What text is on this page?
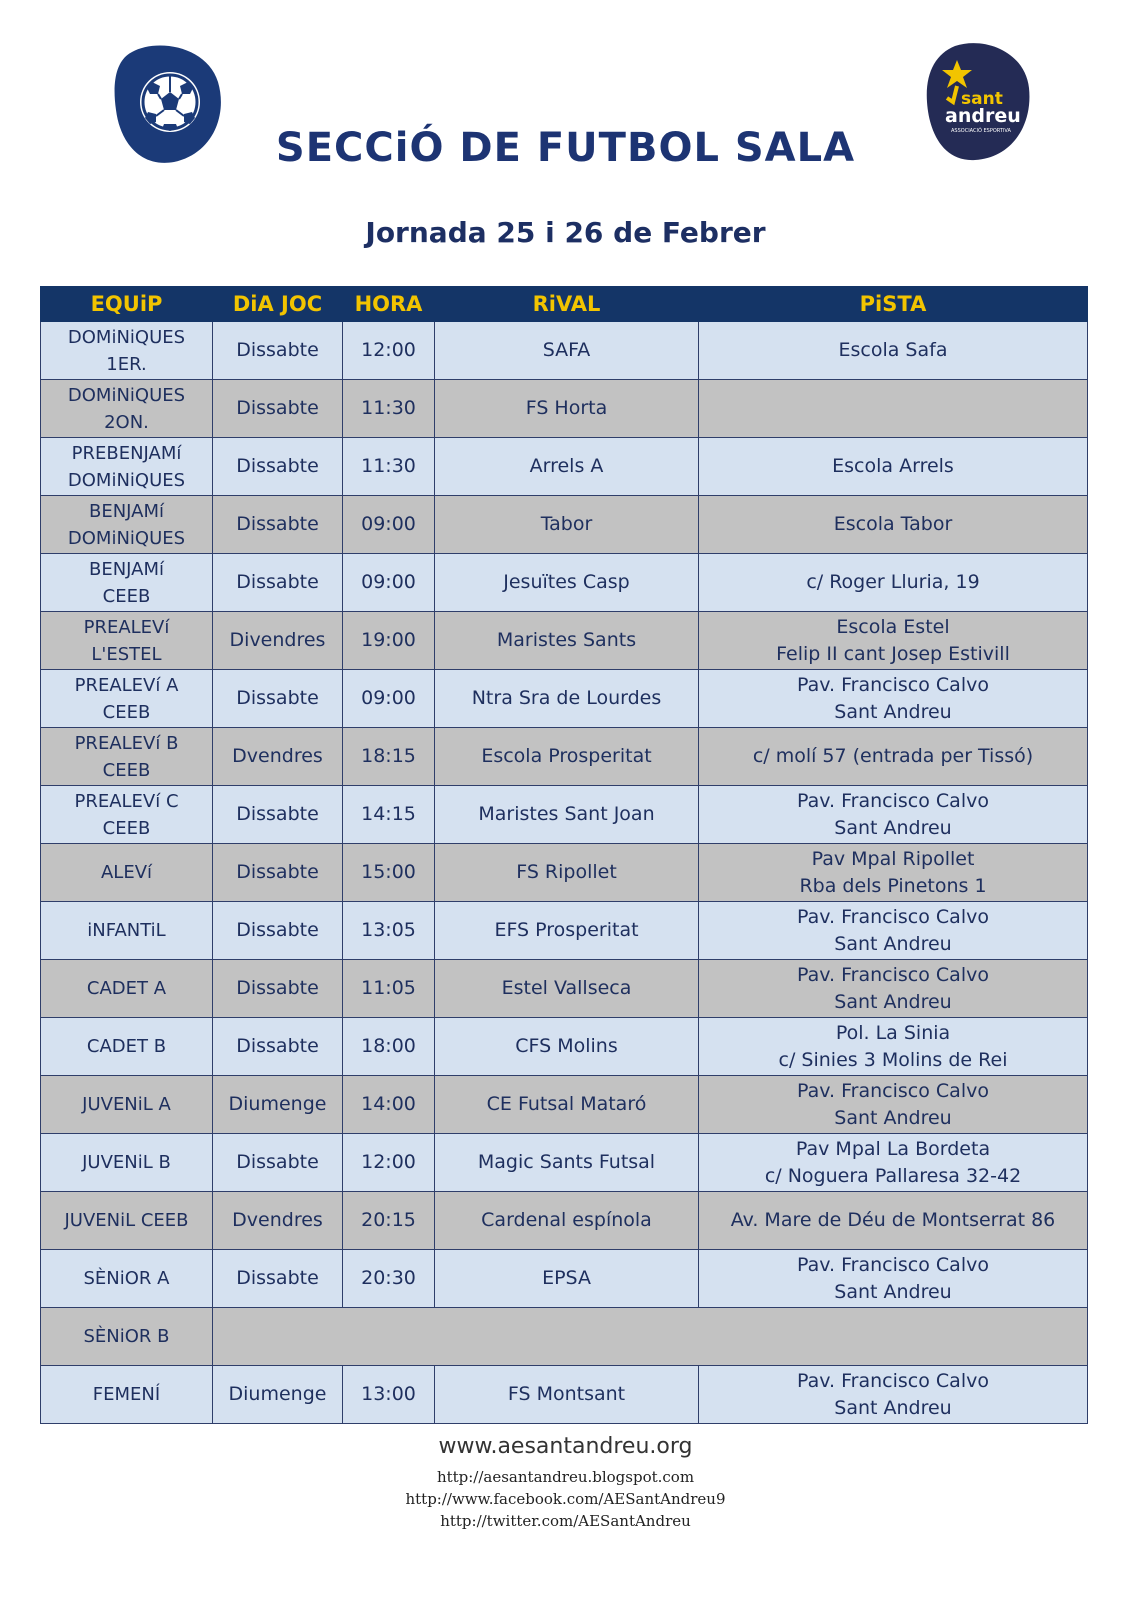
sant
andreu
ASSOCIACIÓ ESPORTIVA
SECCiÓ DE FUTBOL SALA
Jornada 25 i 26 de Febrer
EQUiP	DiA JOC	HORA	RiVAL	PiSTA
DOMiNiQUES 1ER.	Dissabte	12:00	SAFA	Escola Safa
DOMiNiQUES 2ON.	Dissabte	11:30	FS Horta	
PREBENJAMí
DOMiNiQUES	Dissabte	11:30	Arrels A	Escola Arrels
BENJAMí
DOMiNiQUES	Dissabte	09:00	Tabor	Escola Tabor
BENJAMí
CEEB	Dissabte	09:00	Jesuïtes Casp	c/ Roger Lluria, 19
PREALEVí
L'ESTEL	Divendres	19:00	Maristes Sants	Escola Estel
Felip II cant Josep Estivill
PREALEVí A
CEEB	Dissabte	09:00	Ntra Sra de Lourdes	Pav. Francisco Calvo
Sant Andreu
PREALEVí B
CEEB	Dvendres	18:15	Escola Prosperitat	c/ molí 57 (entrada per Tissó)
PREALEVí C
CEEB	Dissabte	14:15	Maristes Sant Joan	Pav. Francisco Calvo
Sant Andreu
ALEVí	Dissabte	15:00	FS Ripollet	Pav Mpal Ripollet
Rba dels Pinetons 1
iNFANTiL	Dissabte	13:05	EFS Prosperitat	Pav. Francisco Calvo
Sant Andreu
CADET A	Dissabte	11:05	Estel Vallseca	Pav. Francisco Calvo
Sant Andreu
CADET B	Dissabte	18:00	CFS Molins	Pol. La Sinia
c/ Sinies 3 Molins de Rei
JUVENiL A	Diumenge	14:00	CE Futsal Mataró	Pav. Francisco Calvo
Sant Andreu
JUVENiL B	Dissabte	12:00	Magic Sants Futsal	Pav Mpal La Bordeta
c/ Noguera Pallaresa 32-42
JUVENiL CEEB	Dvendres	20:15	Cardenal espínola	Av. Mare de Déu de Montserrat 86
SÈNiOR A	Dissabte	20:30	EPSA	Pav. Francisco Calvo
Sant Andreu
SÈNiOR B				
FEMENÍ	Diumenge	13:00	FS Montsant	Pav. Francisco Calvo
Sant Andreu
www.aesantandreu.org
http://aesantandreu.blogspot.com
http://www.facebook.com/AESantAndreu9
http://twitter.com/AESantAndreu
